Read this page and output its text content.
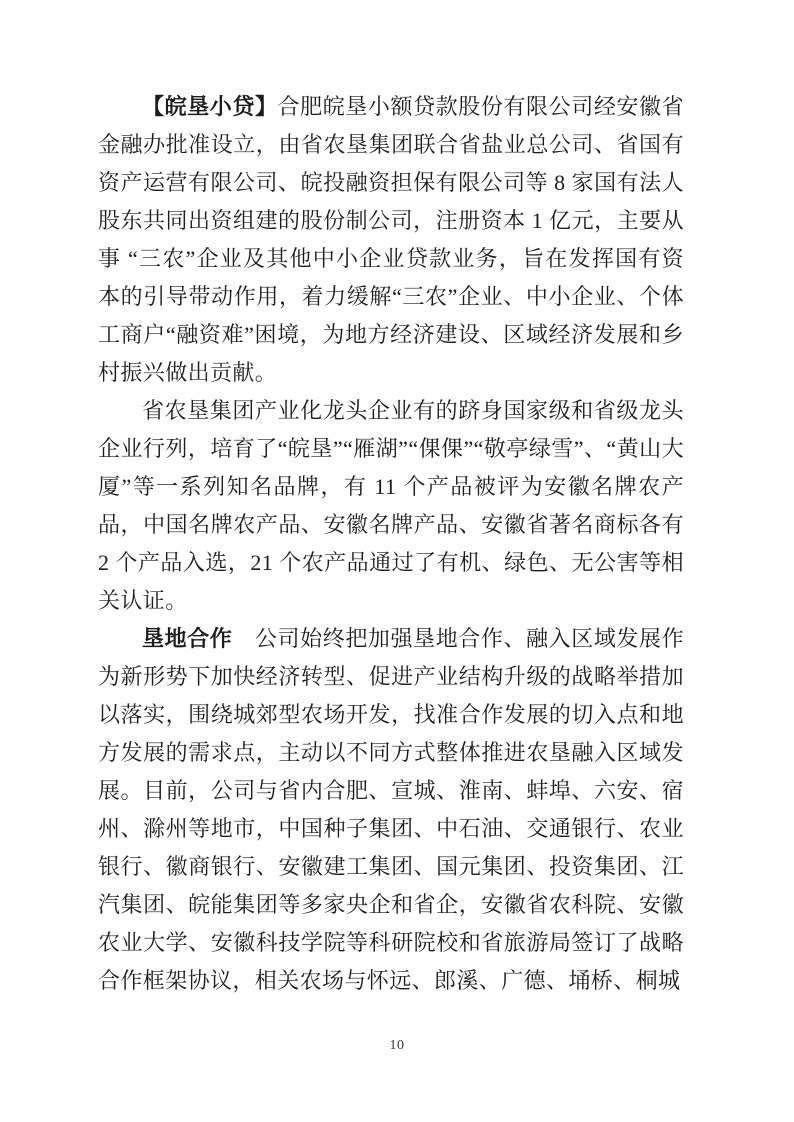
【皖垦小贷】合肥皖垦小额贷款股份有限公司经安徽省金融办批准设立，由省农垦集团联合省盐业总公司、省国有资产运营有限公司、皖投融资担保有限公司等 8 家国有法人股东共同出资组建的股份制公司，注册资本 1 亿元，主要从事 “三农”企业及其他中小企业贷款业务，旨在发挥国有资本的引导带动作用，着力缓解“三农”企业、中小企业、个体工商户“融资难”困境，为地方经济建设、区域经济发展和乡村振兴做出贡献。

省农垦集团产业化龙头企业有的跻身国家级和省级龙头企业行列，培育了“皖垦”“雁湖”“倮倮”“敬亭绿雪”、“黄山大厦”等一系列知名品牌，有 11 个产品被评为安徽名牌农产品，中国名牌农产品、安徽名牌产品、安徽省著名商标各有 2 个产品入选，21 个农产品通过了有机、绿色、无公害等相关认证。

垦地合作　公司始终把加强垦地合作、融入区域发展作为新形势下加快经济转型、促进产业结构升级的战略举措加以落实，围绕城郊型农场开发，找准合作发展的切入点和地方发展的需求点，主动以不同方式整体推进农垦融入区域发展。目前，公司与省内合肥、宣城、淮南、蚌埠、六安、宿州、滁州等地市，中国种子集团、中石油、交通银行、农业银行、徽商银行、安徽建工集团、国元集团、投资集团、江汽集团、皖能集团等多家央企和省企，安徽省农科院、安徽农业大学、安徽科技学院等科研院校和省旅游局签订了战略合作框架协议，相关农场与怀远、郎溪、广德、埇桥、桐城

10
